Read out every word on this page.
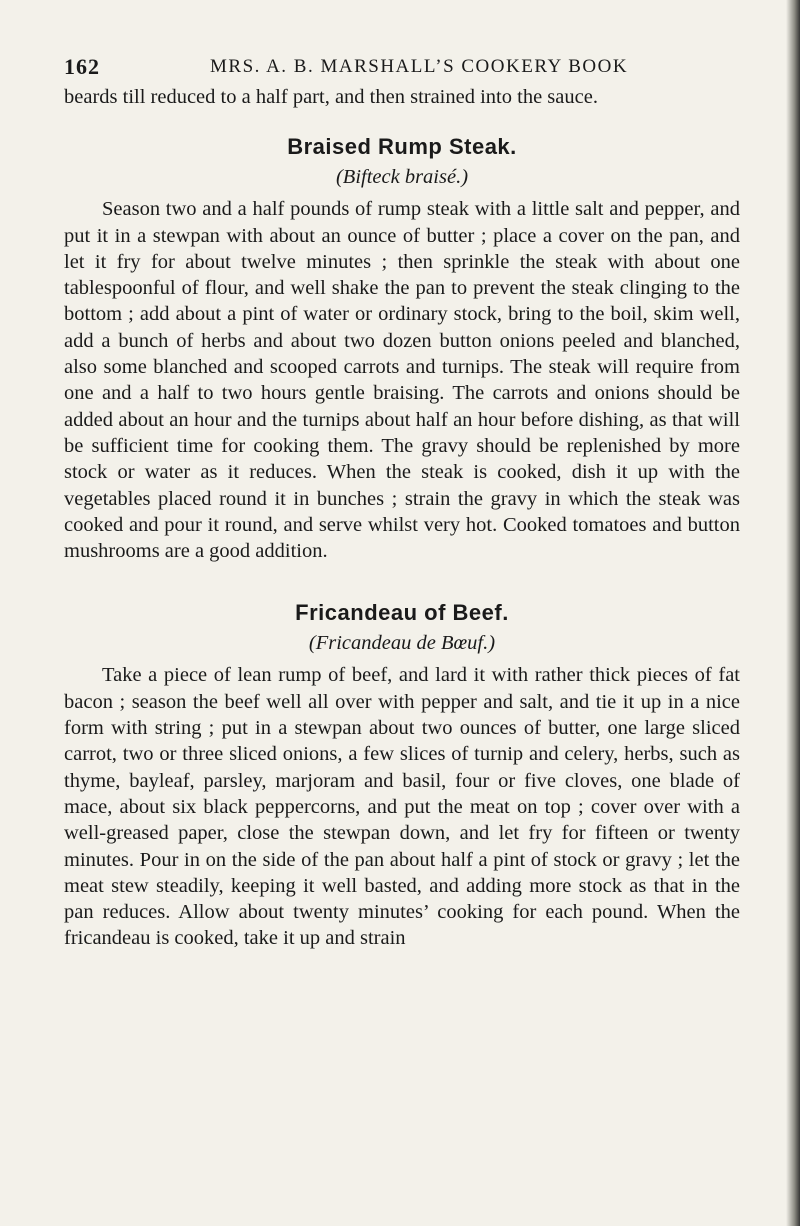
162	MRS. A. B. MARSHALL’S COOKERY BOOK

beards till reduced to a half part, and then strained into the sauce.

Braised Rump Steak.
(Bifteck braisé.)

Season two and a half pounds of rump steak with a little salt and pepper, and put it in a stewpan with about an ounce of butter ; place a cover on the pan, and let it fry for about twelve minutes ; then sprinkle the steak with about one tablespoonful of flour, and well shake the pan to prevent the steak clinging to the bottom ; add about a pint of water or ordinary stock, bring to the boil, skim well, add a bunch of herbs and about two dozen button onions peeled and blanched, also some blanched and scooped carrots and turnips. The steak will require from one and a half to two hours gentle braising. The carrots and onions should be added about an hour and the turnips about half an hour before dishing, as that will be sufficient time for cooking them. The gravy should be replenished by more stock or water as it reduces. When the steak is cooked, dish it up with the vegetables placed round it in bunches ; strain the gravy in which the steak was cooked and pour it round, and serve whilst very hot. Cooked tomatoes and button mushrooms are a good addition.

Fricandeau of Beef.
(Fricandeau de Bœuf.)

Take a piece of lean rump of beef, and lard it with rather thick pieces of fat bacon ; season the beef well all over with pepper and salt, and tie it up in a nice form with string ; put in a stewpan about two ounces of butter, one large sliced carrot, two or three sliced onions, a few slices of turnip and celery, herbs, such as thyme, bayleaf, parsley, marjoram and basil, four or five cloves, one blade of mace, about six black peppercorns, and put the meat on top ; cover over with a well-greased paper, close the stewpan down, and let fry for fifteen or twenty minutes. Pour in on the side of the pan about half a pint of stock or gravy ; let the meat stew steadily, keeping it well basted, and adding more stock as that in the pan reduces. Allow about twenty minutes’ cooking for each pound. When the fricandeau is cooked, take it up and strain
